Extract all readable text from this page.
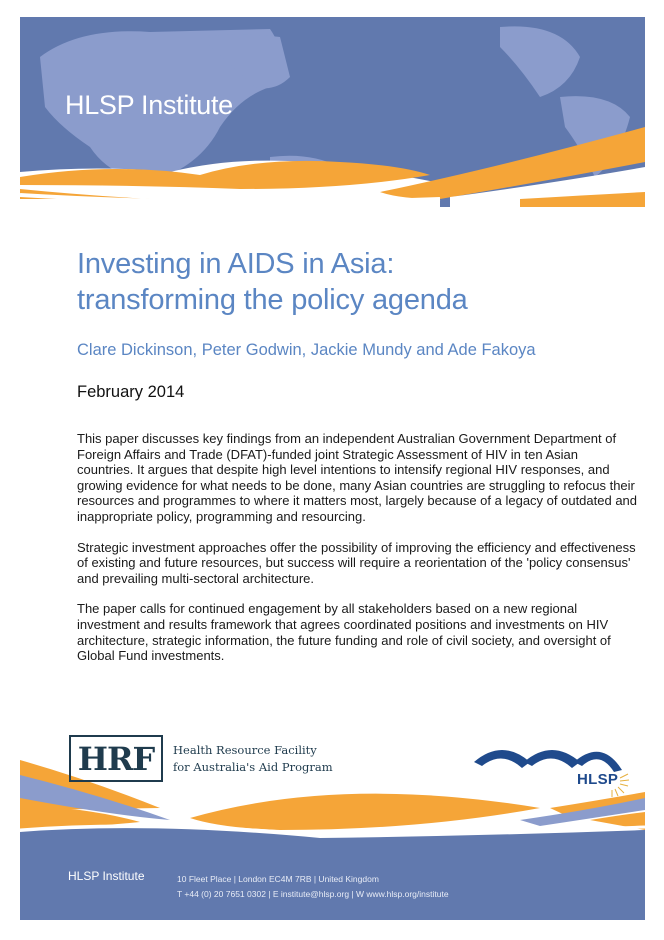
HLSP Institute
Investing in AIDS in Asia:
transforming the policy agenda
Clare Dickinson, Peter Godwin, Jackie Mundy and Ade Fakoya
February 2014

This paper discusses key findings from an independent Australian Government Department of Foreign Affairs and Trade (DFAT)-funded joint Strategic Assessment of HIV in ten Asian countries. It argues that despite high level intentions to intensify regional HIV responses, and growing evidence for what needs to be done, many Asian countries are struggling to refocus their resources and programmes to where it matters most, largely because of a legacy of outdated and inappropriate policy, programming and resourcing.

Strategic investment approaches offer the possibility of improving the efficiency and effectiveness of existing and future resources, but success will require a reorientation of the 'policy consensus' and prevailing multi-sectoral architecture.

The paper calls for continued engagement by all stakeholders based on a new regional investment and results framework that agrees coordinated positions and investments on HIV architecture, strategic information, the future funding and role of civil society, and oversight of Global Fund investments.

HRF	Health Resource Facility
for Australia's Aid Program
HLSP
HLSP Institute	10 Fleet Place | London EC4M 7RB | United Kingdom
T +44 (0) 20 7651 0302 | E institute@hlsp.org | W www.hlsp.org/institute
